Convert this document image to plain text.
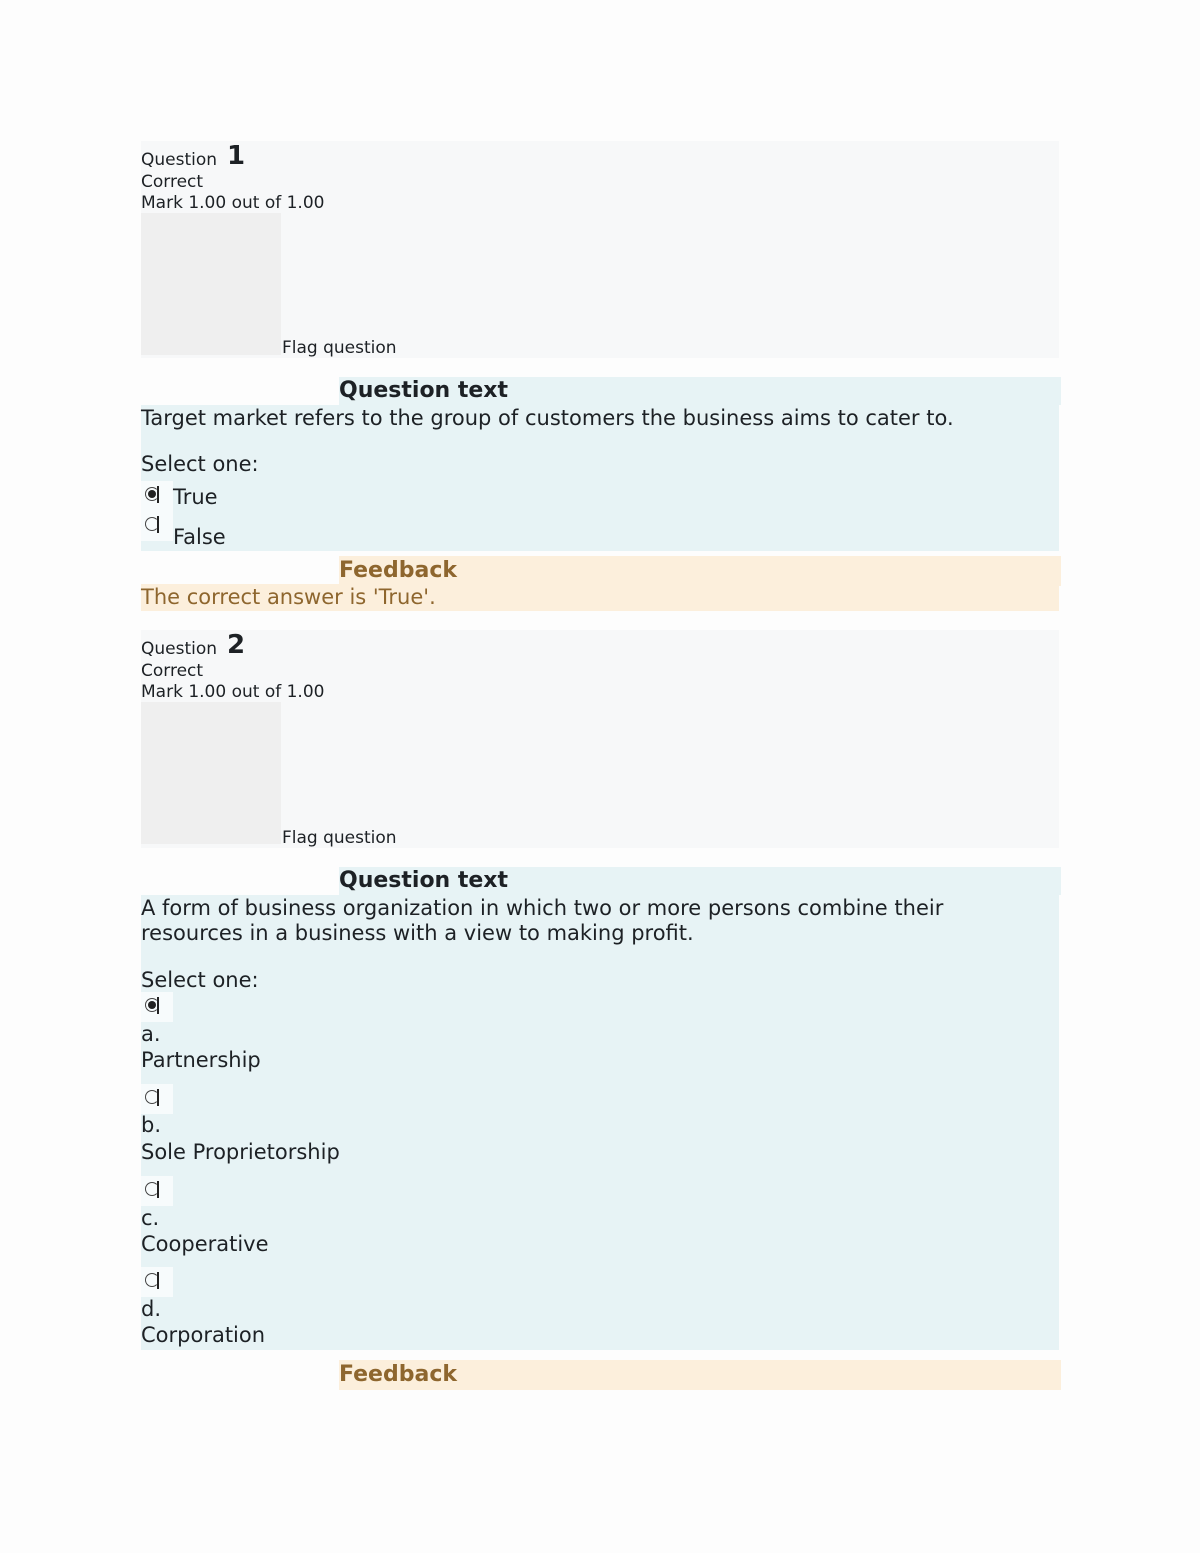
Question 1
Correct
Mark 1.00 out of 1.00
Flag question
Question text
Target market refers to the group of customers the business aims to cater to.
Select one:
True
False
Feedback
The correct answer is 'True'.
Question 2
Correct
Mark 1.00 out of 1.00
Flag question
Question text
A form of business organization in which two or more persons combine their resources in a business with a view to making profit.
Select one:
a.
Partnership
b.
Sole Proprietorship
c.
Cooperative
d.
Corporation
Feedback
